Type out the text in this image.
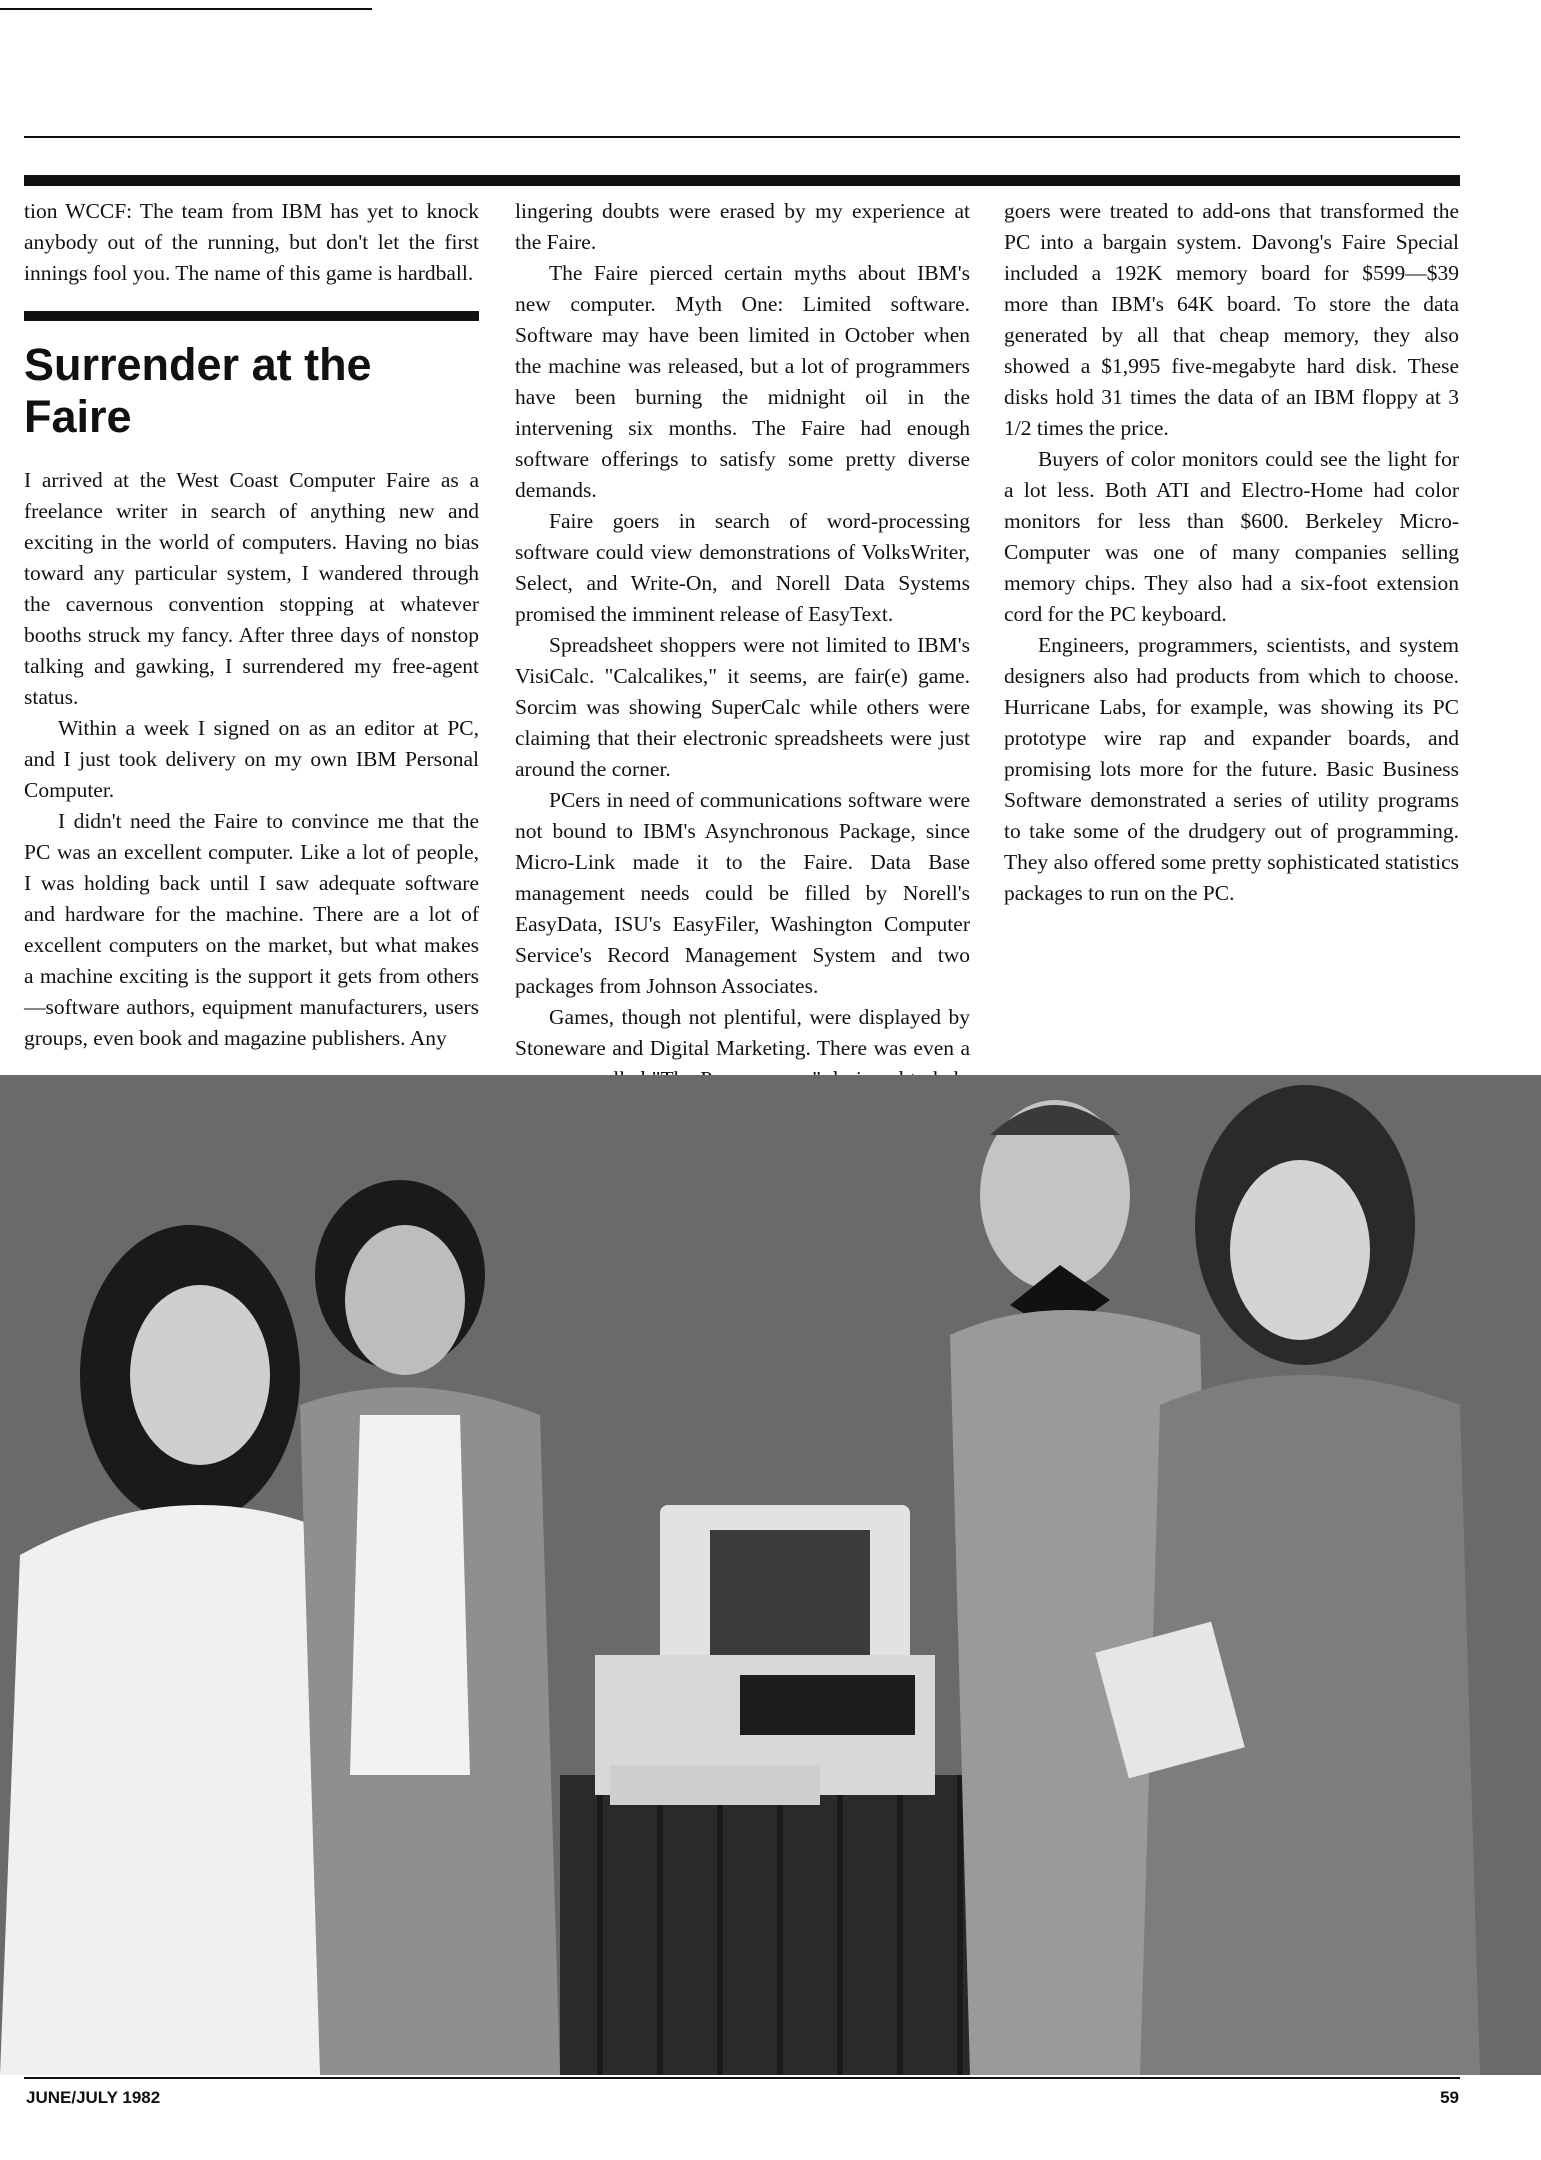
tion WCCF: The team from IBM has yet to knock anybody out of the running, but don't let the first innings fool you. The name of this game is hardball.

Surrender at the Faire

I arrived at the West Coast Computer Faire as a freelance writer in search of anything new and exciting in the world of computers. Having no bias toward any particular system, I wandered through the cavernous convention stopping at whatever booths struck my fancy. After three days of nonstop talking and gawking, I surrendered my free-agent status.

Within a week I signed on as an editor at PC, and I just took delivery on my own IBM Personal Computer.

I didn't need the Faire to convince me that the PC was an excellent computer. Like a lot of people, I was holding back until I saw adequate software and hardware for the machine. There are a lot of excellent computers on the market, but what makes a machine exciting is the support it gets from others—software authors, equipment manufacturers, users groups, even book and magazine publishers. Any

lingering doubts were erased by my experience at the Faire.

The Faire pierced certain myths about IBM's new computer. Myth One: Limited software. Software may have been limited in October when the machine was released, but a lot of programmers have been burning the midnight oil in the intervening six months. The Faire had enough software offerings to satisfy some pretty diverse demands.

Faire goers in search of word-processing software could view demonstrations of VolksWriter, Select, and Write-On, and Norell Data Systems promised the imminent release of EasyText.

Spreadsheet shoppers were not limited to IBM's VisiCalc. "Calcalikes," it seems, are fair(e) game. Sorcim was showing SuperCalc while others were claiming that their electronic spreadsheets were just around the corner.

PCers in need of communications software were not bound to IBM's Asynchronous Package, since Micro-Link made it to the Faire. Data Base management needs could be filled by Norell's EasyData, ISU's EasyFiler, Washington Computer Service's Record Management System and two packages from Johnson Associates.

Games, though not plentiful, were displayed by Stoneware and Digital Marketing. There was even a

goers were treated to add-ons that transformed the PC into a bargain system. Davong's Faire Special included a 192K memory board for $599—$39 more than IBM's 64K board. To store the data generated by all that cheap memory, they also showed a $1,995 five-megabyte hard disk. These disks hold 31 times the data of an IBM floppy at 3 1/2 times the price.

Buyers of color monitors could see the light for a lot less. Both ATI and Electro-Home had color monitors for less than $600. Berkeley Micro-Computer was one of many companies selling memory chips. They also had a six-foot extension cord for the PC keyboard.

Engineers, programmers, scientists, and system designers also had products from which to choose. Hurricane Labs, for example, was showing its PC prototype wire rap and expander boards, and promising lots more for the future. Basic Business Software demonstrated a series of utility programs to take some of the drudgery out of programming. They also offered some pretty sophisticated statistics packages to run on the PC.

JUNE/JULY 1982	59
